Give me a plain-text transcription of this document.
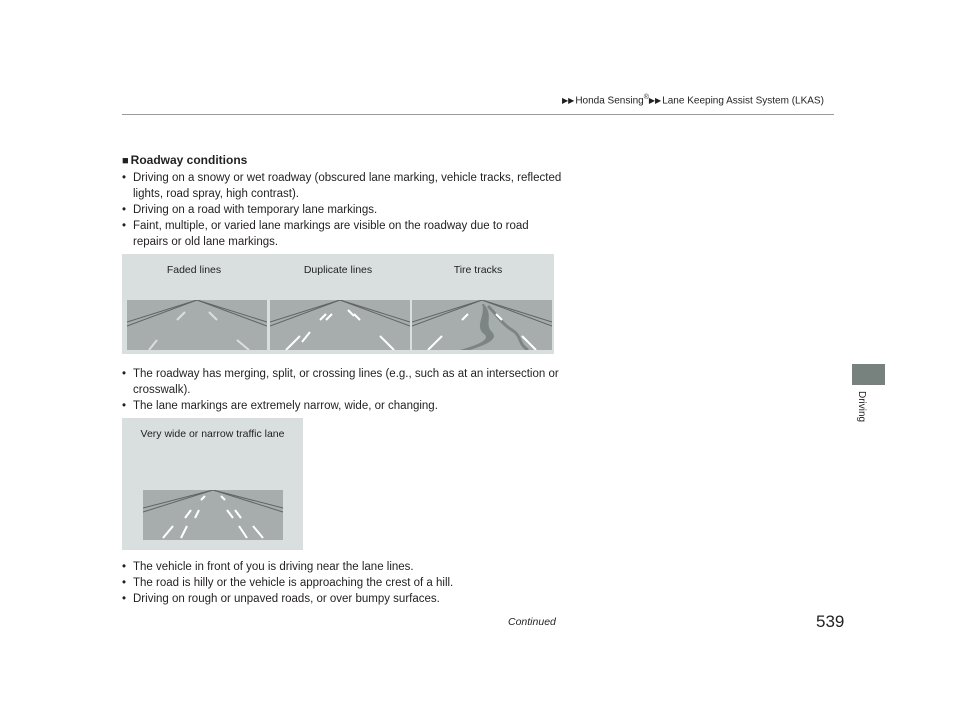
▶▶Honda Sensing®▶▶Lane Keeping Assist System (LKAS)
■ Roadway conditions
• Driving on a snowy or wet roadway (obscured lane marking, vehicle tracks, reflected lights, road spray, high contrast).
• Driving on a road with temporary lane markings.
• Faint, multiple, or varied lane markings are visible on the roadway due to road repairs or old lane markings.
Faded lines	Duplicate lines	Tire tracks
• The roadway has merging, split, or crossing lines (e.g., such as at an intersection or crosswalk).
• The lane markings are extremely narrow, wide, or changing.
Very wide or narrow traffic lane
• The vehicle in front of you is driving near the lane lines.
• The road is hilly or the vehicle is approaching the crest of a hill.
• Driving on rough or unpaved roads, or over bumpy surfaces.
Continued	539
Driving
